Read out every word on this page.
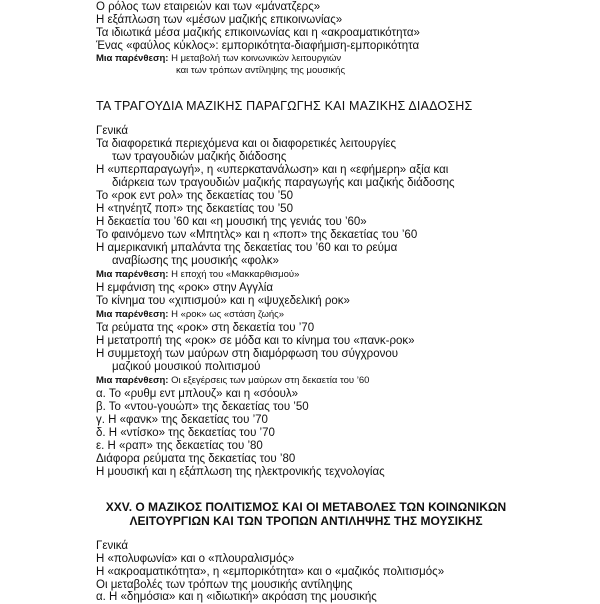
Ο ρόλος των εταιρειών και των «μάνατζερς»
Η εξάπλωση των «μέσων μαζικής επικοινωνίας»
Τα ιδιωτικά μέσα μαζικής επικοινωνίας και η «ακροαματικότητα»
Ένας «φαύλος κύκλος»: εμπορικότητα-διαφήμιση-εμπορικότητα
Μια παρένθεση: Η μεταβολή των κοινωνικών λειτουργιών
και των τρόπων αντίληψης της μουσικής
ΤΑ ΤΡΑΓΟΥΔΙΑ ΜΑΖΙΚΗΣ ΠΑΡΑΓΩΓΗΣ ΚΑΙ ΜΑΖΙΚΗΣ ΔΙΑΔΟΣΗΣ
Γενικά
Τα διαφορετικά περιεχόμενα και οι διαφορετικές λειτουργίες
των τραγουδιών μαζικής διάδοσης
Η «υπερπαραγωγή», η «υπερκατανάλωση» και η «εφήμερη» αξία και
διάρκεια των τραγουδιών μαζικής παραγωγής και μαζικής διάδοσης
Το «ροκ εντ ρολ» της δεκαετίας του ’50
Η «τηνέητζ ποπ» της δεκαετίας του ’50
Η δεκαετία του ’60 και «η μουσική της γενιάς του ’60»
Το φαινόμενο των «Μπητλς» και η «ποπ» της δεκαετίας του ’60
Η αμερικανική μπαλάντα της δεκαετίας του ’60 και το ρεύμα
αναβίωσης της μουσικής «φολκ»
Μια παρένθεση: Η εποχή του «Μακκαρθισμού»
Η εμφάνιση της «ροκ» στην Αγγλία
Το κίνημα του «χιπισμού» και η «ψυχεδελική ροκ»
Μια παρένθεση: Η «ροκ» ως «στάση ζωής»
Τα ρεύματα της «ροκ» στη δεκαετία του ’70
Η μετατροπή της «ροκ» σε μόδα και το κίνημα του «πανκ-ροκ»
Η συμμετοχή των μαύρων στη διαμόρφωση του σύγχρονου
μαζικού μουσικού πολιτισμού
Μια παρένθεση: Οι εξεγέρσεις των μαύρων στη δεκαετία του ’60
α. Το «ρυθμ εντ μπλουζ» και η «σόουλ»
β. Το «ντου-γουώπ» της δεκαετίας του ’50
γ. Η «φανκ» της δεκαετίας του ’70
δ. Η «ντίσκο» της δεκαετίας του ’70
ε. Η «ραπ» της δεκαετίας του ’80
Διάφορα ρεύματα της δεκαετίας του ’80
Η μουσική και η εξάπλωση της ηλεκτρονικής τεχνολογίας
XXV. Ο ΜΑΖΙΚΟΣ ΠΟΛΙΤΙΣΜΟΣ ΚΑΙ ΟΙ ΜΕΤΑΒΟΛΕΣ ΤΩΝ ΚΟΙΝΩΝΙΚΩΝ
ΛΕΙΤΟΥΡΓΙΩΝ ΚΑΙ ΤΩΝ ΤΡΟΠΩΝ ΑΝΤΙΛΗΨΗΣ ΤΗΣ ΜΟΥΣΙΚΗΣ
Γενικά
Η «πολυφωνία» και ο «πλουραλισμός»
Η «ακροαματικότητα», η «εμπορικότητα» και ο «μαζικός πολιτισμός»
Οι μεταβολές των τρόπων της μουσικής αντίληψης
α. Η «δημόσια» και η «ιδιωτική» ακρόαση της μουσικής
